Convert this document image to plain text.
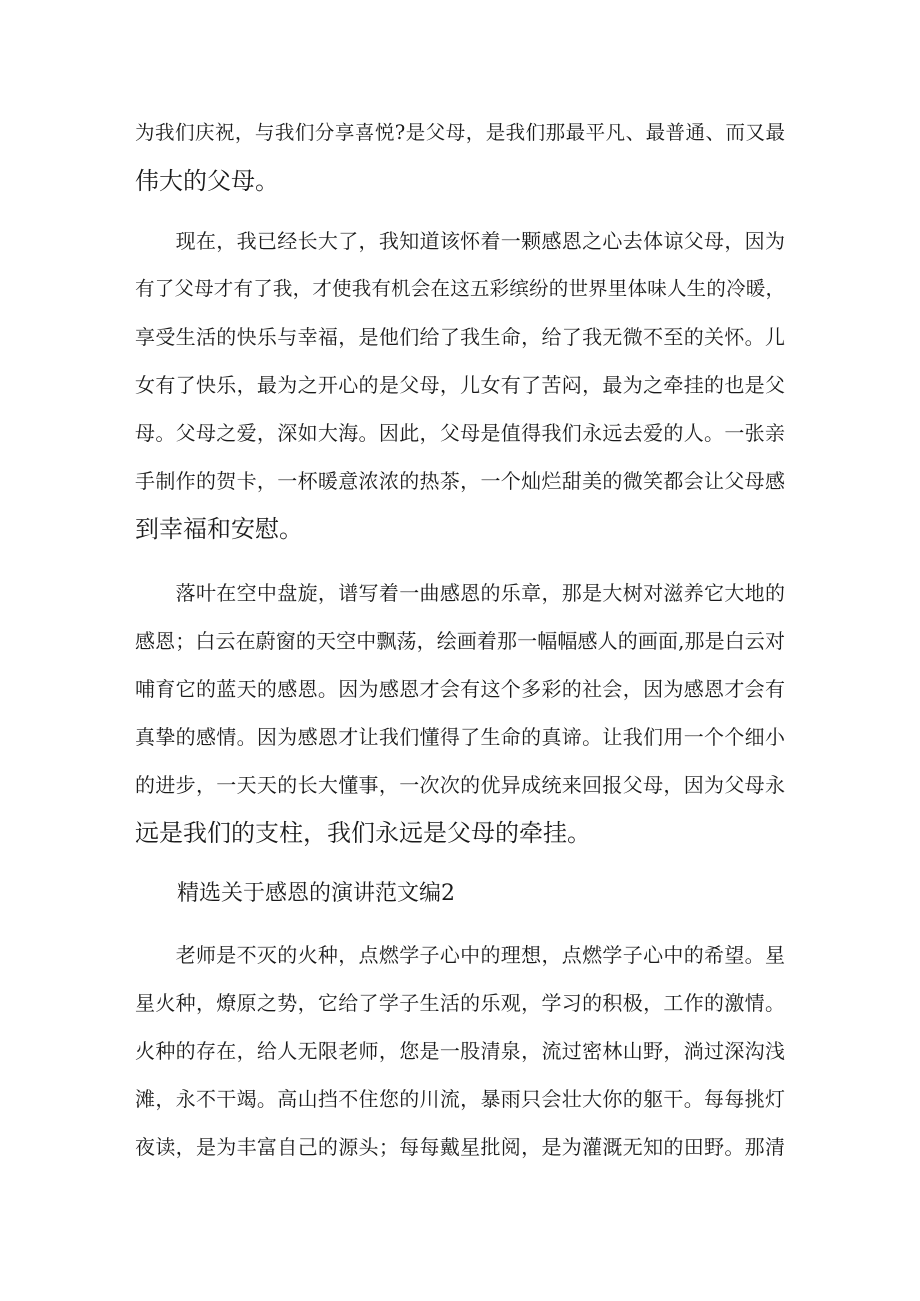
为我们庆祝，与我们分享喜悦?是父母，是我们那最平凡、最普通、而又最
伟大的父母。
　　现在，我已经长大了，我知道该怀着一颗感恩之心去体谅父母，因为
有了父母才有了我，才使我有机会在这五彩缤纷的世界里体味人生的冷暖，
享受生活的快乐与幸福，是他们给了我生命，给了我无微不至的关怀。儿
女有了快乐，最为之开心的是父母，儿女有了苦闷，最为之牵挂的也是父
母。父母之爱，深如大海。因此，父母是值得我们永远去爱的人。一张亲
手制作的贺卡，一杯暖意浓浓的热茶，一个灿烂甜美的微笑都会让父母感
到幸福和安慰。
　　落叶在空中盘旋，谱写着一曲感恩的乐章，那是大树对滋养它大地的
感恩；白云在蔚窗的天空中飘荡，绘画着那一幅幅感人的画面,那是白云对
哺育它的蓝天的感恩。因为感恩才会有这个多彩的社会，因为感恩才会有
真挚的感情。因为感恩才让我们懂得了生命的真谛。让我们用一个个细小
的进步，一天天的长大懂事，一次次的优异成统来回报父母，因为父母永
远是我们的支柱，我们永远是父母的牵挂。
精选关于感恩的演讲范文编2
　　老师是不灭的火种，点燃学子心中的理想，点燃学子心中的希望。星
星火种，燎原之势，它给了学子生活的乐观，学习的积极，工作的激情。
火种的存在，给人无限老师，您是一股清泉，流过密林山野，淌过深沟浅
滩，永不干竭。高山挡不住您的川流，暴雨只会壮大你的躯干。每每挑灯
夜读，是为丰富自己的源头；每每戴星批阅，是为灌溉无知的田野。那清
